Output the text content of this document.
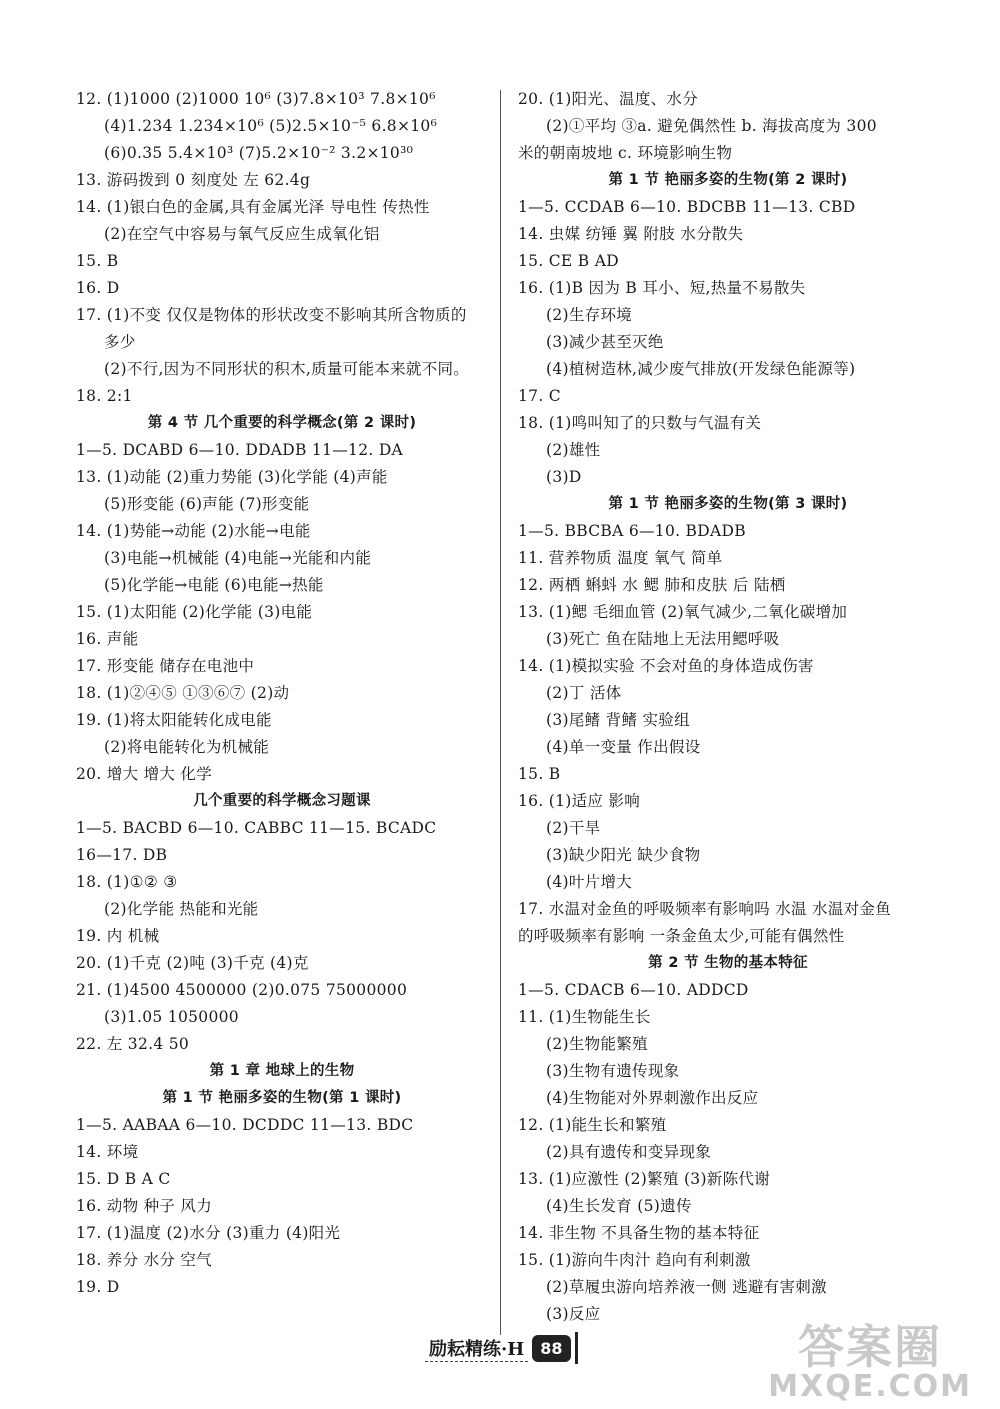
12. (1)1000 (2)1000 10⁶ (3)7.8×10³ 7.8×10⁶
(4)1.234 1.234×10⁶ (5)2.5×10⁻⁵ 6.8×10⁶
(6)0.35 5.4×10³ (7)5.2×10⁻² 3.2×10³⁰
13. 游码拨到 0 刻度处 左 62.4g
14. (1)银白色的金属,具有金属光泽 导电性 传热性
(2)在空气中容易与氧气反应生成氧化铝
15. B
16. D
17. (1)不变 仅仅是物体的形状改变不影响其所含物质的
多少
(2)不行,因为不同形状的积木,质量可能本来就不同。
18. 2:1
第 4 节 几个重要的科学概念(第 2 课时)
1—5. DCABD 6—10. DDADB 11—12. DA
13. (1)动能 (2)重力势能 (3)化学能 (4)声能
(5)形变能 (6)声能 (7)形变能
14. (1)势能→动能 (2)水能→电能
(3)电能→机械能 (4)电能→光能和内能
(5)化学能→电能 (6)电能→热能
15. (1)太阳能 (2)化学能 (3)电能
16. 声能
17. 形变能 储存在电池中
18. (1)②④⑤ ①③⑥⑦ (2)动
19. (1)将太阳能转化成电能
(2)将电能转化为机械能
20. 增大 增大 化学
几个重要的科学概念习题课
1—5. BACBD 6—10. CABBC 11—15. BCADC
16—17. DB
18. (1)①② ③
(2)化学能 热能和光能
19. 内 机械
20. (1)千克 (2)吨 (3)千克 (4)克
21. (1)4500 4500000 (2)0.075 75000000
(3)1.05 1050000
22. 左 32.4 50
第 1 章 地球上的生物
第 1 节 艳丽多姿的生物(第 1 课时)
1—5. AABAA 6—10. DCDDC 11—13. BDC
14. 环境
15. D B A C
16. 动物 种子 风力
17. (1)温度 (2)水分 (3)重力 (4)阳光
18. 养分 水分 空气
19. D
20. (1)阳光、温度、水分
(2)①平均 ③a. 避免偶然性 b. 海拔高度为 300
米的朝南坡地 c. 环境影响生物
第 1 节 艳丽多姿的生物(第 2 课时)
1—5. CCDAB 6—10. BDCBB 11—13. CBD
14. 虫媒 纺锤 翼 附肢 水分散失
15. CE B AD
16. (1)B 因为 B 耳小、短,热量不易散失
(2)生存环境
(3)减少甚至灭绝
(4)植树造林,减少废气排放(开发绿色能源等)
17. C
18. (1)鸣叫知了的只数与气温有关
(2)雄性
(3)D
第 1 节 艳丽多姿的生物(第 3 课时)
1—5. BBCBA 6—10. BDADB
11. 营养物质 温度 氧气 简单
12. 两栖 蝌蚪 水 鳃 肺和皮肤 后 陆栖
13. (1)鳃 毛细血管 (2)氧气减少,二氧化碳增加
(3)死亡 鱼在陆地上无法用鳃呼吸
14. (1)模拟实验 不会对鱼的身体造成伤害
(2)丁 活体
(3)尾鳍 背鳍 实验组
(4)单一变量 作出假设
15. B
16. (1)适应 影响
(2)干旱
(3)缺少阳光 缺少食物
(4)叶片增大
17. 水温对金鱼的呼吸频率有影响吗 水温 水温对金鱼
的呼吸频率有影响 一条金鱼太少,可能有偶然性
第 2 节 生物的基本特征
1—5. CDACB 6—10. ADDCD
11. (1)生物能生长
(2)生物能繁殖
(3)生物有遗传现象
(4)生物能对外界刺激作出反应
12. (1)能生长和繁殖
(2)具有遗传和变异现象
13. (1)应激性 (2)繁殖 (3)新陈代谢
(4)生长发育 (5)遗传
14. 非生物 不具备生物的基本特征
15. (1)游向牛肉汁 趋向有利刺激
(2)草履虫游向培养液一侧 逃避有害刺激
(3)反应
励耘精练·H	88	答案圈
MXQE.COM
